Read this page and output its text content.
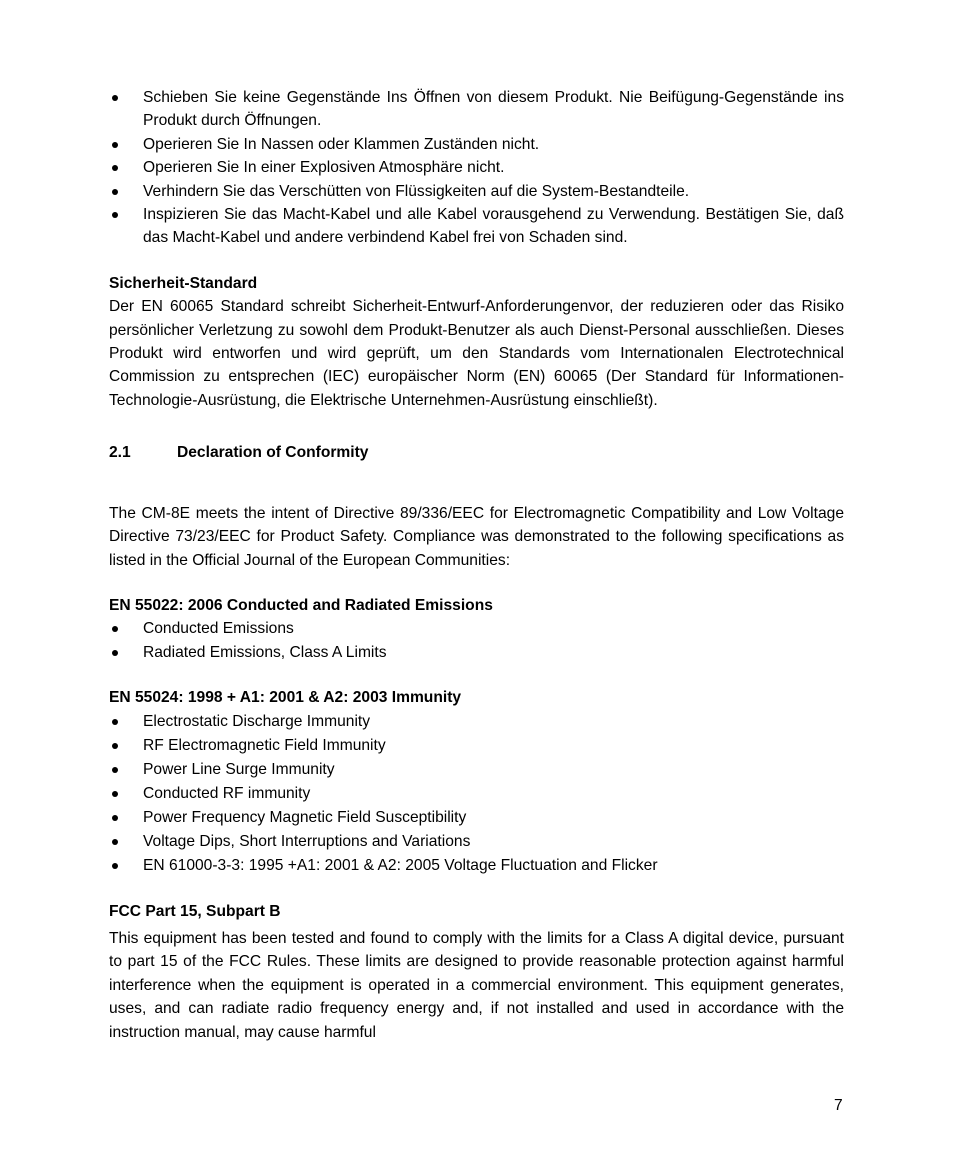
Schieben Sie keine Gegenstände Ins Öffnen von diesem Produkt. Nie Beifügung-Gegenstände ins Produkt durch Öffnungen.
Operieren Sie In Nassen oder Klammen Zuständen nicht.
Operieren Sie In einer Explosiven Atmosphäre nicht.
Verhindern Sie das Verschütten von Flüssigkeiten auf die System-Bestandteile.
Inspizieren Sie das Macht-Kabel und alle Kabel vorausgehend zu Verwendung. Bestätigen Sie, daß das Macht-Kabel und andere verbindend Kabel frei von Schaden sind.
Sicherheit-Standard

Der EN 60065 Standard schreibt Sicherheit-Entwurf-Anforderungenvor, der reduzieren oder das Risiko persönlicher Verletzung zu sowohl dem Produkt-Benutzer als auch Dienst-Personal ausschließen. Dieses Produkt wird entworfen und wird geprüft, um den Standards vom Internationalen Electrotechnical Commission zu entsprechen (IEC) europäischer Norm (EN) 60065 (Der Standard für Informationen-Technologie-Ausrüstung, die Elektrische Unternehmen-Ausrüstung einschließt).

2.1	Declaration of Conformity

The CM-8E meets the intent of Directive 89/336/EEC for Electromagnetic Compatibility and Low Voltage Directive 73/23/EEC for Product Safety. Compliance was demonstrated to the following specifications as listed in the Official Journal of the European Communities:

EN 55022: 2006 Conducted and Radiated Emissions
Conducted Emissions
Radiated Emissions, Class A Limits
EN 55024: 1998 + A1: 2001 & A2: 2003 Immunity
Electrostatic Discharge Immunity
RF Electromagnetic Field Immunity
Power Line Surge Immunity
Conducted RF immunity
Power Frequency Magnetic Field Susceptibility
Voltage Dips, Short Interruptions and Variations
EN 61000-3-3: 1995 +A1: 2001 & A2: 2005 Voltage Fluctuation and Flicker
FCC Part 15, Subpart B

This equipment has been tested and found to comply with the limits for a Class A digital device, pursuant to part 15 of the FCC Rules. These limits are designed to provide reasonable protection against harmful interference when the equipment is operated in a commercial environment. This equipment generates, uses, and can radiate radio frequency energy and, if not installed and used in accordance with the instruction manual, may cause harmful

7
